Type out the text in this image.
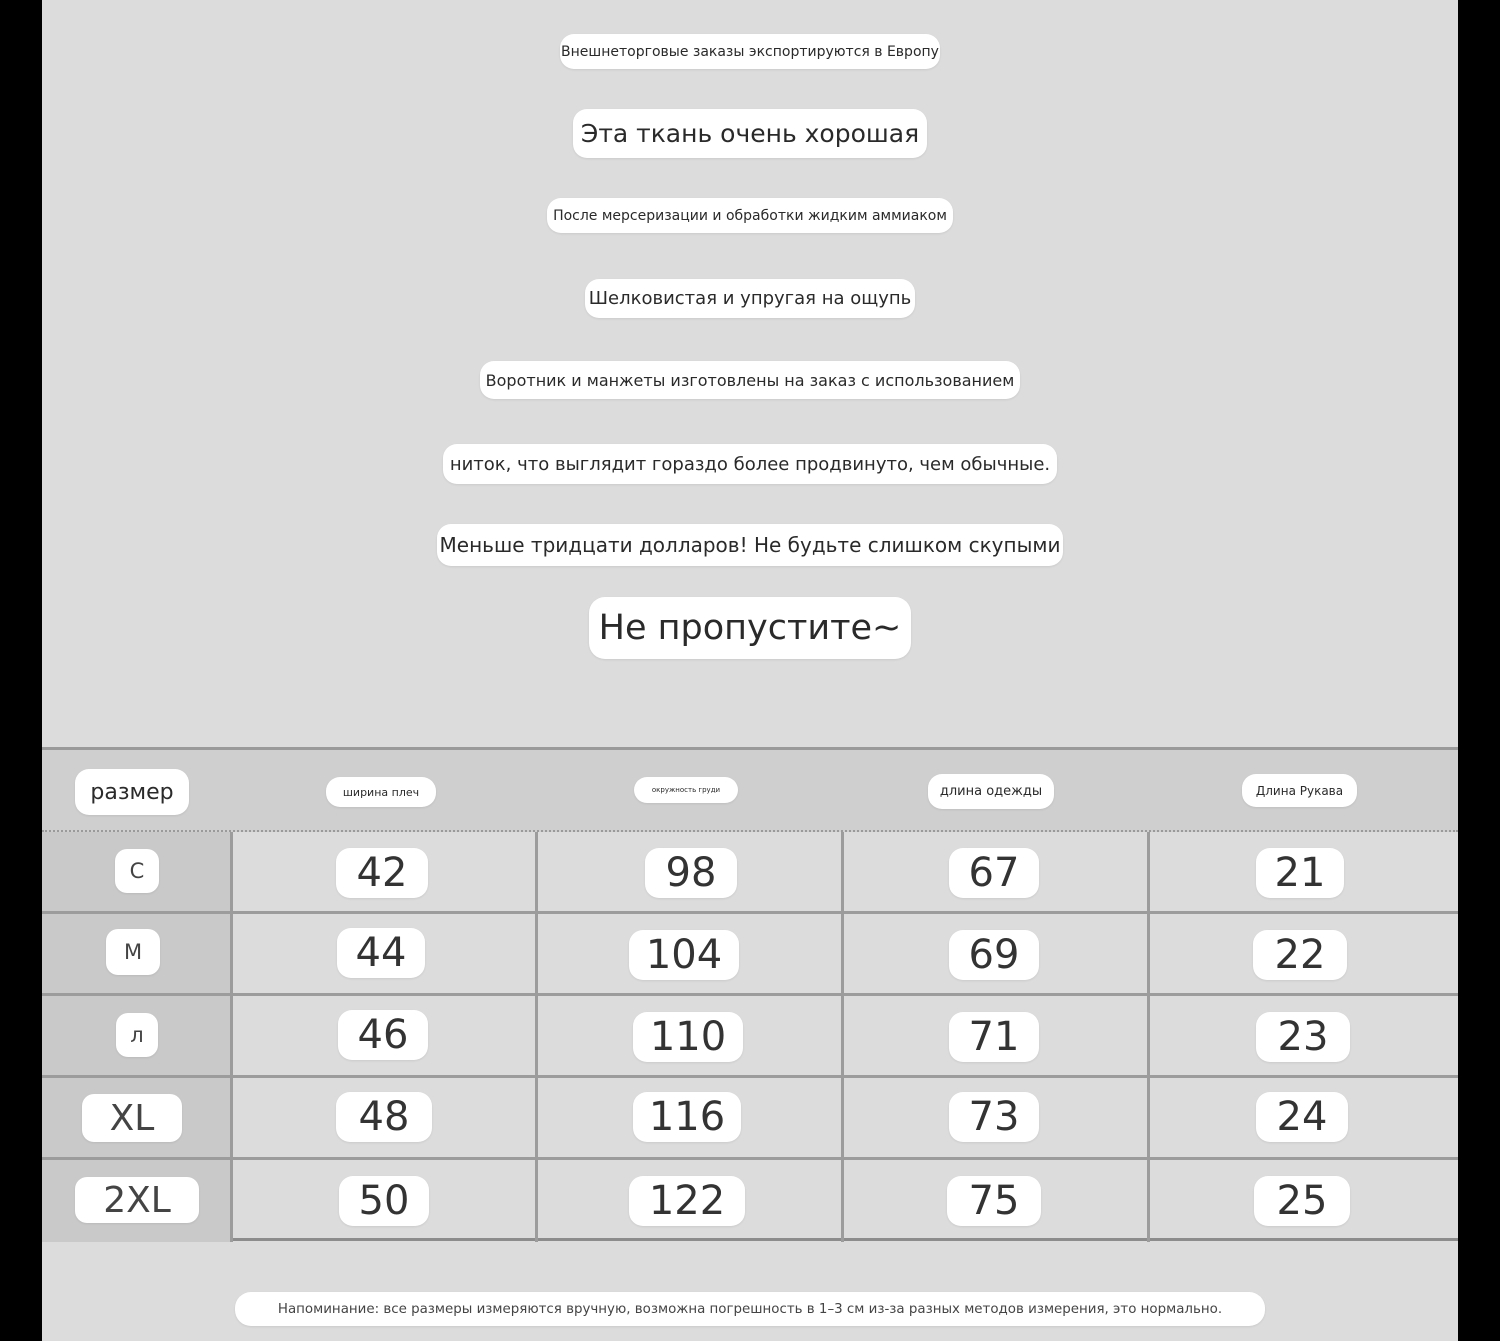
Внешнеторговые заказы экспортируются в Европу
Эта ткань очень хорошая
После мерсеризации и обработки жидким аммиаком
Шелковистая и упругая на ощупь
Воротник и манжеты изготовлены на заказ с использованием
ниток, что выглядит гораздо более продвинуто, чем обычные.
Меньше тридцати долларов! Не будьте слишком скупыми
Не пропустите~
размер	ширина плеч	окружность груди	длина одежды	Длина Рукава
C	42	98	67	21
M	44	104	69	22
л	46	110	71	23
XL	48	116	73	24
2XL	50	122	75	25
Напоминание: все размеры измеряются вручную, возможна погрешность в 1–3 см из-за разных методов измерения, это нормально.
